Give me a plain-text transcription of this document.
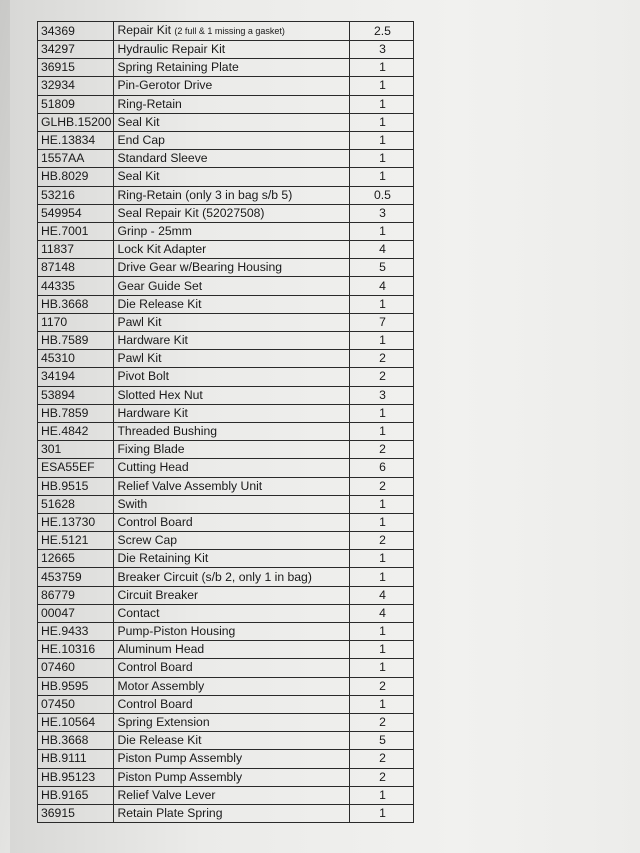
34369	Repair Kit (2 full & 1 missing a gasket)	2.5
34297	Hydraulic Repair Kit	3
36915	Spring Retaining Plate	1
32934	Pin-Gerotor Drive	1
51809	Ring-Retain	1
GLHB.15200	Seal Kit	1
HE.13834	End Cap	1
1557AA	Standard Sleeve	1
HB.8029	Seal Kit	1
53216	Ring-Retain (only 3 in bag s/b 5)	0.5
549954	Seal Repair Kit (52027508)	3
HE.7001	Grinp - 25mm	1
11837	Lock Kit Adapter	4
87148	Drive Gear w/Bearing Housing	5
44335	Gear Guide Set	4
HB.3668	Die Release Kit	1
1170	Pawl Kit	7
HB.7589	Hardware Kit	1
45310	Pawl Kit	2
34194	Pivot Bolt	2
53894	Slotted Hex Nut	3
HB.7859	Hardware Kit	1
HE.4842	Threaded Bushing	1
301	Fixing Blade	2
ESA55EF	Cutting Head	6
HB.9515	Relief Valve Assembly Unit	2
51628	Swith	1
HE.13730	Control Board	1
HE.5121	Screw Cap	2
12665	Die Retaining Kit	1
453759	Breaker Circuit (s/b 2, only 1 in bag)	1
86779	Circuit Breaker	4
00047	Contact	4
HE.9433	Pump-Piston Housing	1
HE.10316	Aluminum Head	1
07460	Control Board	1
HB.9595	Motor Assembly	2
07450	Control Board	1
HE.10564	Spring Extension	2
HB.3668	Die Release Kit	5
HB.9111	Piston Pump Assembly	2
HB.95123	Piston Pump Assembly	2
HB.9165	Relief Valve Lever	1
36915	Retain Plate Spring	1
